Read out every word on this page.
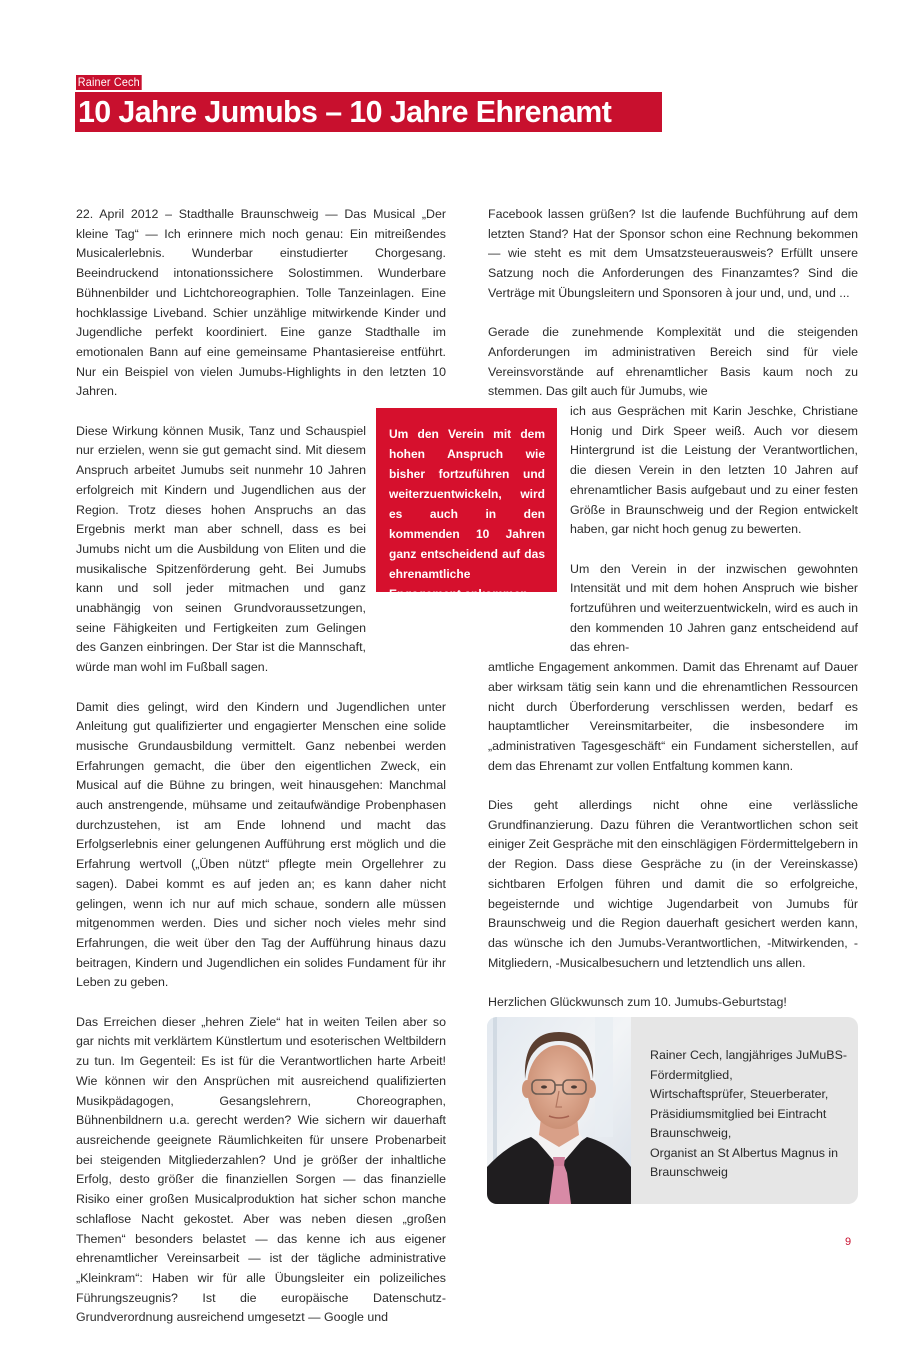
Rainer Cech
10 Jahre Jumubs – 10 Jahre Ehrenamt

22. April 2012 – Stadthalle Braunschweig — Das Musical „Der kleine Tag“ — Ich erinnere mich noch genau: Ein mitreißendes Musicalerlebnis. Wunderbar einstudierter Chorgesang. Beeindruckend intonationssichere Solostimmen. Wunderbare Bühnenbilder und Lichtchoreographien. Tolle Tanzeinlagen. Eine hochklassige Liveband. Schier unzählige mitwirkende Kinder und Jugendliche perfekt koordiniert. Eine ganze Stadthalle im emotionalen Bann auf eine gemeinsame Phantasiereise entführt. Nur ein Beispiel von vielen Jumubs-Highlights in den letzten 10 Jahren.

Diese Wirkung können Musik, Tanz und Schauspiel nur erzielen, wenn sie gut gemacht sind. Mit diesem Anspruch arbeitet Jumubs seit nunmehr 10 Jahren erfolgreich mit Kindern und Jugendlichen aus der Region. Trotz dieses hohen Anspruchs an das Ergebnis merkt man aber schnell, dass es bei Jumubs nicht um die Ausbildung von Eliten und die musikalische Spitzenförderung geht. Bei Jumubs kann und soll jeder mitmachen und ganz unabhängig von seinen Grundvoraussetzungen, seine Fähigkeiten und Fertigkeiten zum Gelingen des Ganzen einbringen. Der Star ist die Mannschaft, würde man wohl im Fußball sagen.

Damit dies gelingt, wird den Kindern und Jugendlichen unter Anleitung gut qualifizierter und engagierter Menschen eine solide musische Grundausbildung vermittelt. Ganz nebenbei werden Erfahrungen gemacht, die über den eigentlichen Zweck, ein Musical auf die Bühne zu bringen, weit hinausgehen: Manchmal auch anstrengende, mühsame und zeitaufwändige Probenphasen durchzustehen, ist am Ende lohnend und macht das Erfolgserlebnis einer gelungenen Aufführung erst möglich und die Erfahrung wertvoll („Üben nützt“ pflegte mein Orgellehrer zu sagen). Dabei kommt es auf jeden an; es kann daher nicht gelingen, wenn ich nur auf mich schaue, sondern alle müssen mitgenommen werden. Dies und sicher noch vieles mehr sind Erfahrungen, die weit über den Tag der Aufführung hinaus dazu beitragen, Kindern und Jugendlichen ein solides Fundament für ihr Leben zu geben.

Das Erreichen dieser „hehren Ziele“ hat in weiten Teilen aber so gar nichts mit verklärtem Künstlertum und esoterischen Weltbildern zu tun. Im Gegenteil: Es ist für die Verantwortlichen harte Arbeit! Wie können wir den Ansprüchen mit ausreichend qualifizierten Musikpädagogen, Gesangslehrern, Choreographen, Bühnenbildnern u.a. gerecht werden? Wie sichern wir dauerhaft ausreichende geeignete Räumlichkeiten für unsere Probenarbeit bei steigenden Mitgliederzahlen? Und je größer der inhaltliche Erfolg, desto größer die finanziellen Sorgen — das finanzielle Risiko einer großen Musicalproduktion hat sicher schon manche schlaflose Nacht gekostet. Aber was neben diesen „großen Themen“ besonders belastet — das kenne ich aus eigener ehrenamtlicher Vereinsarbeit — ist der tägliche administrative „Kleinkram“: Haben wir für alle Übungsleiter ein polizeiliches Führungszeugnis? Ist die europäische Datenschutz-Grundverordnung ausreichend umgesetzt — Google und

Um den Verein mit dem hohen Anspruch wie bisher fortzuführen und weiterzuentwickeln, wird es auch in den kommenden 10 Jahren ganz entscheidend auf das ehrenamtliche Engagement ankommen.

Facebook lassen grüßen? Ist die laufende Buchführung auf dem letzten Stand? Hat der Sponsor schon eine Rechnung bekommen — wie steht es mit dem Umsatzsteuerausweis? Erfüllt unsere Satzung noch die Anforderungen des Finanzamtes? Sind die Verträge mit Übungsleitern und Sponsoren à jour und, und, und ...

Gerade die zunehmende Komplexität und die steigenden Anforderungen im administrativen Bereich sind für viele Vereinsvorstände auf ehrenamtlicher Basis kaum noch zu stemmen. Das gilt auch für Jumubs, wie

ich aus Gesprächen mit Karin Jeschke, Christiane Honig und Dirk Speer weiß. Auch vor diesem Hintergrund ist die Leistung der Verantwortlichen, die diesen Verein in den letzten 10 Jahren auf ehrenamtlicher Basis aufgebaut und zu einer festen Größe in Braunschweig und der Region entwickelt haben, gar nicht hoch genug zu bewerten.

Um den Verein in der inzwischen gewohnten Intensität und mit dem hohen Anspruch wie bisher fortzuführen und weiterzuentwickeln, wird es auch in den kommenden 10 Jahren ganz entscheidend auf das ehren-

amtliche Engagement ankommen. Damit das Ehrenamt auf Dauer aber wirksam tätig sein kann und die ehrenamtlichen Ressourcen nicht durch Überforderung verschlissen werden, bedarf es hauptamtlicher Vereinsmitarbeiter, die insbesondere im „administrativen Tagesgeschäft“ ein Fundament sicherstellen, auf dem das Ehrenamt zur vollen Entfaltung kommen kann.

Dies geht allerdings nicht ohne eine verlässliche Grundfinanzierung. Dazu führen die Verantwortlichen schon seit einiger Zeit Gespräche mit den einschlägigen Fördermittelgebern in der Region. Dass diese Gespräche zu (in der Vereinskasse) sichtbaren Erfolgen führen und damit die so erfolgreiche, begeisternde und wichtige Jugendarbeit von Jumubs für Braunschweig und die Region dauerhaft gesichert werden kann, das wünsche ich den Jumubs-Verantwortlichen, -Mitwirkenden, -Mitgliedern, -Musicalbesuchern und letztendlich uns allen.

Herzlichen Glückwunsch zum 10. Jumubs-Geburtstag!

Rainer Cech, langjähriges JuMuBS-
Fördermitglied,
Wirtschaftsprüfer, Steuerberater,
Präsidiumsmitglied bei Eintracht
Braunschweig,
Organist an St Albertus Magnus in
Braunschweig
9
